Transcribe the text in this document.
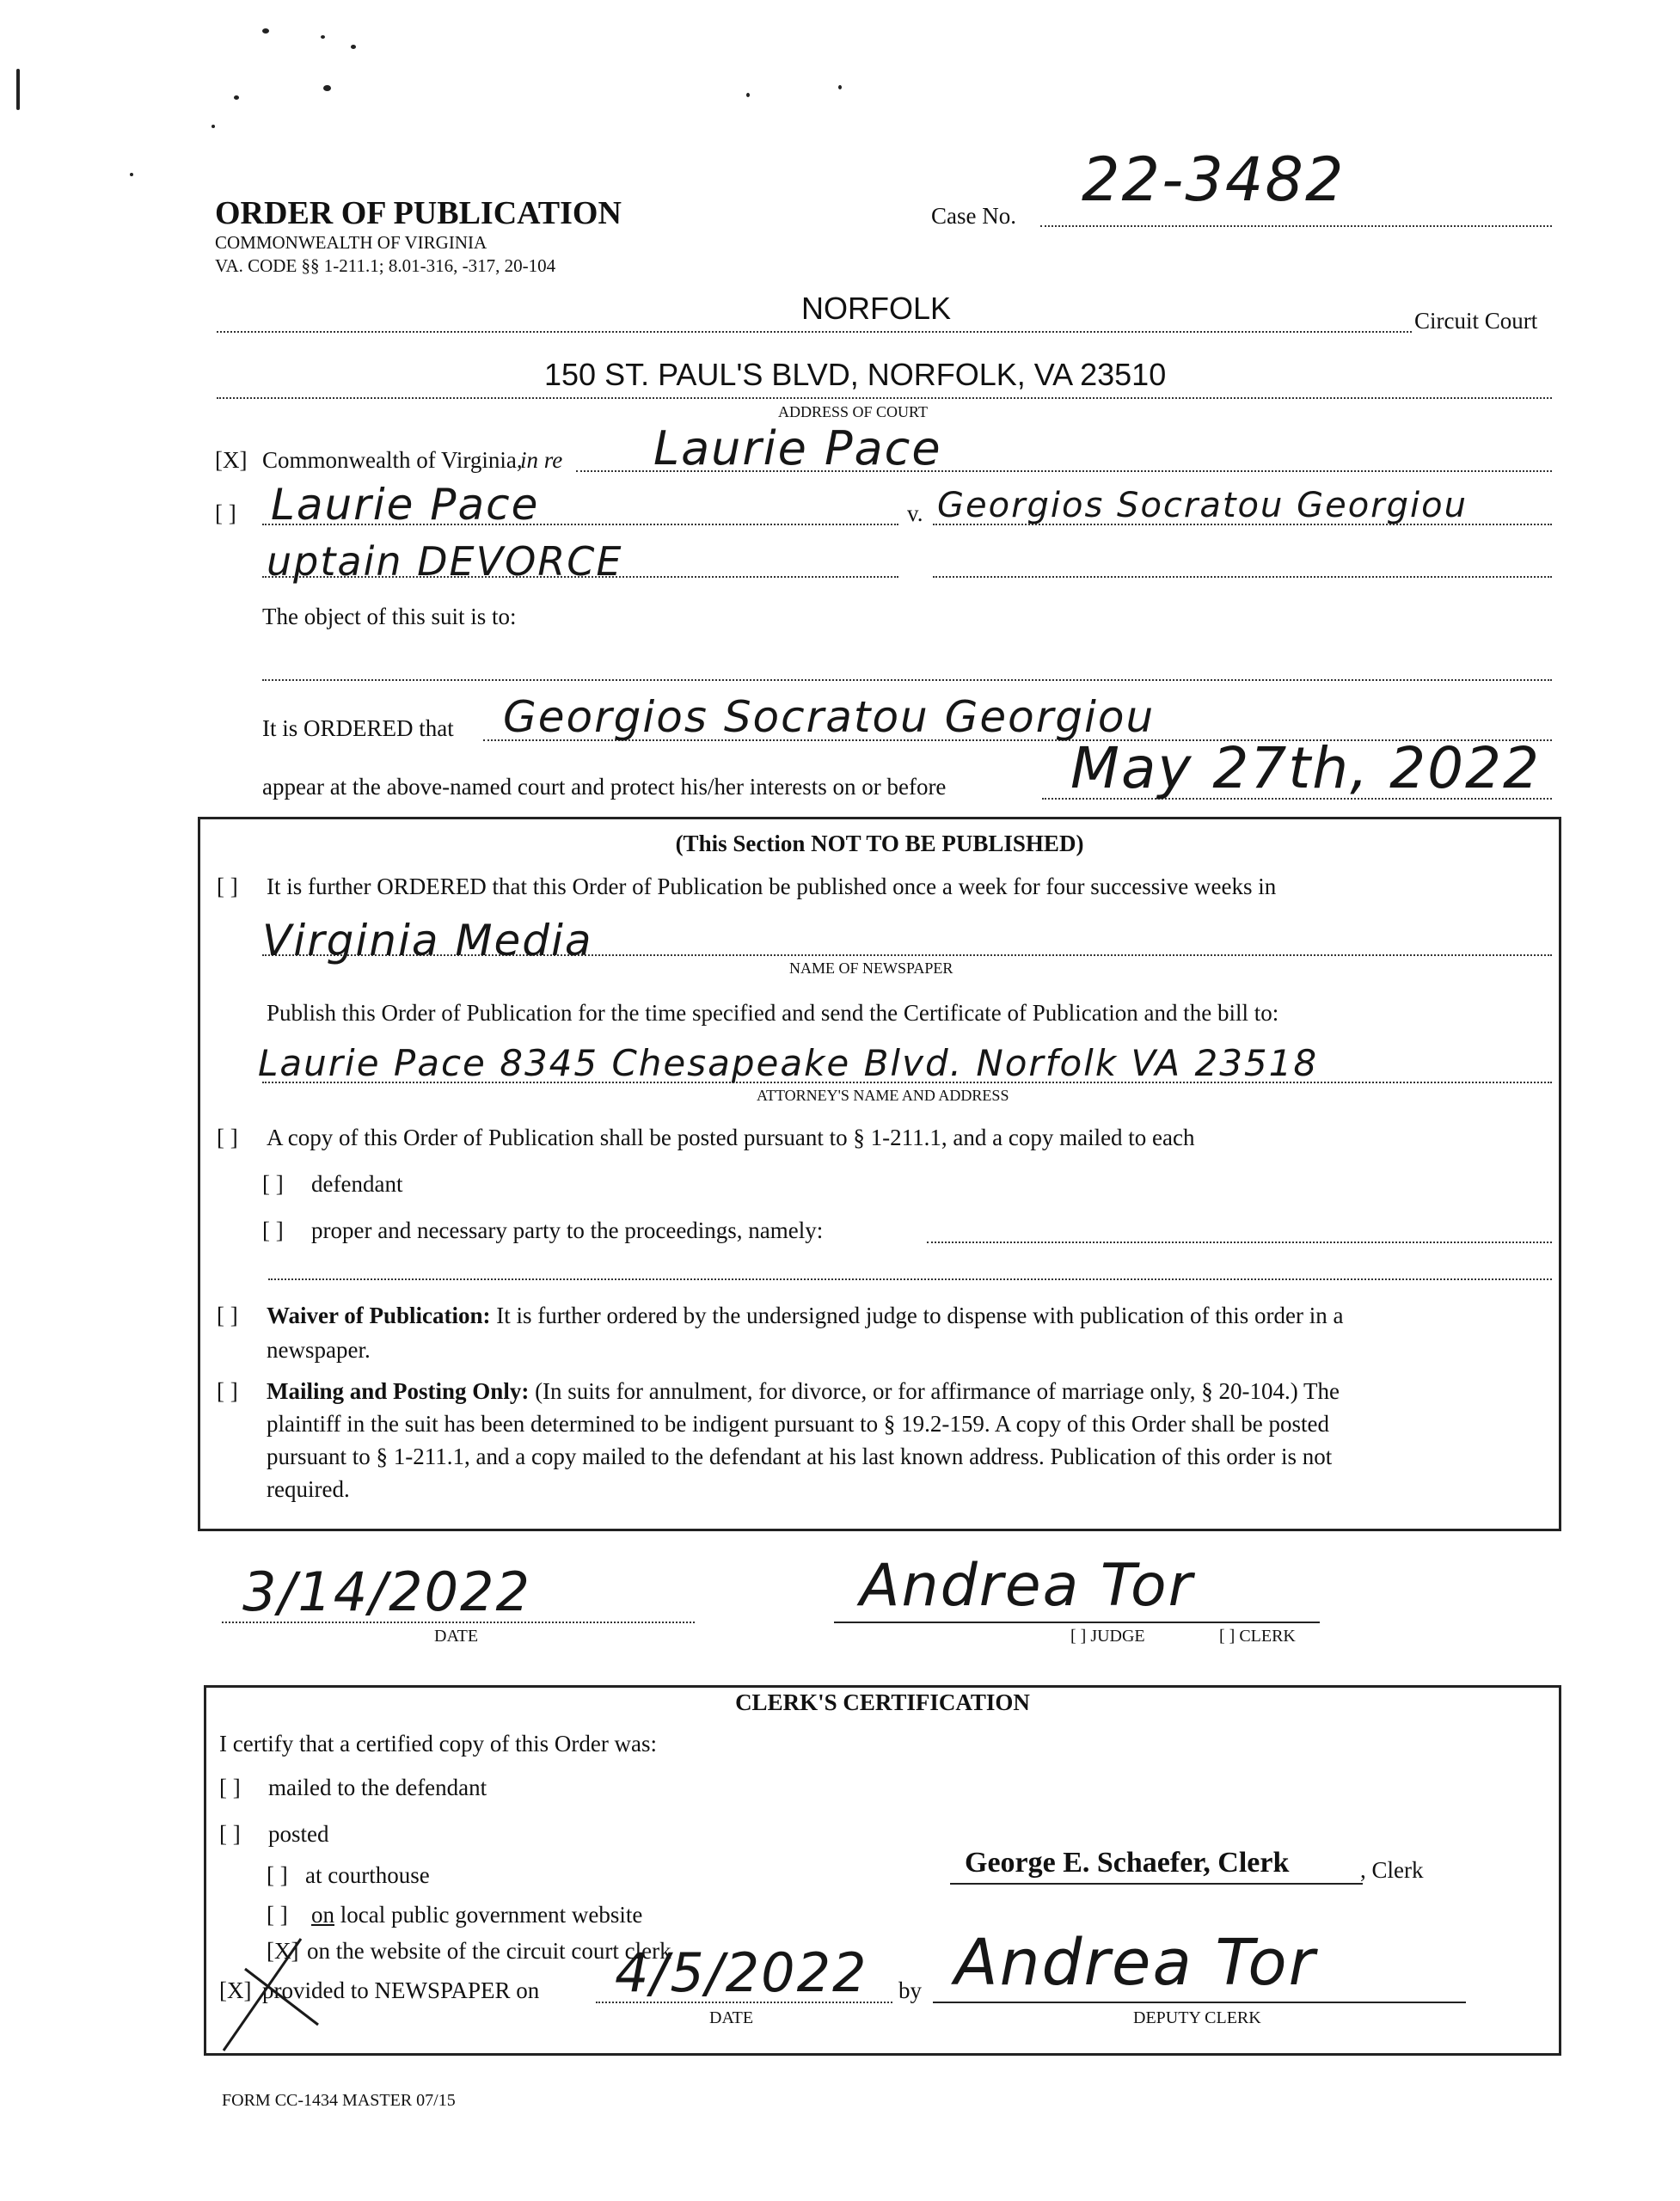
ORDER OF PUBLICATION
COMMONWEALTH OF VIRGINIA
VA. CODE §§ 1-211.1; 8.01-316, -317, 20-104
Case No.
22-3482
NORFOLK	Circuit Court
150 ST. PAUL'S BLVD, NORFOLK, VA 23510
ADDRESS OF COURT
[X] Commonwealth of Virginia,
in re Laurie Pace
[ ] Laurie Pace	v. Georgios Socratou Georgiou
uptain DEVORCE
The object of this suit is to:
It is ORDERED that Georgios Socratou Georgiou
appear at the above-named court and protect his/her interests on or before May 27th, 2022
(This Section NOT TO BE PUBLISHED)
[ ] It is further ORDERED that this Order of Publication be published once a week for four successive weeks in
Virginia Media
NAME OF NEWSPAPER
Publish this Order of Publication for the time specified and send the Certificate of Publication and the bill to:
Laurie Pace 8345 Chesapeake Blvd. Norfolk VA 23518
ATTORNEY'S NAME AND ADDRESS
[ ] A copy of this Order of Publication shall be posted pursuant to § 1-211.1, and a copy mailed to each
[ ] defendant
[ ] proper and necessary party to the proceedings, namely:
[ ] Waiver of Publication: It is further ordered by the undersigned judge to dispense with publication of this order in a
newspaper.
[ ] Mailing and Posting Only: (In suits for annulment, for divorce, or for affirmance of marriage only, § 20-104.) The
plaintiff in the suit has been determined to be indigent pursuant to § 19.2-159. A copy of this Order shall be posted
pursuant to § 1-211.1, and a copy mailed to the defendant at his last known address. Publication of this order is not
required.
3/14/2022
DATE
Andrea Tor
[ ] JUDGE	[ ] CLERK
CLERK'S CERTIFICATION
I certify that a certified copy of this Order was:
[ ] mailed to the defendant
[ ] posted
[ ] at courthouse	George E. Schaefer, Clerk	, Clerk
[ ] on local public government website
[X] on the website of the circuit court clerk
[X] provided to NEWSPAPER on 4/5/2022 by
DATE
Andrea Tor
DEPUTY CLERK
FORM CC-1434 MASTER 07/15
